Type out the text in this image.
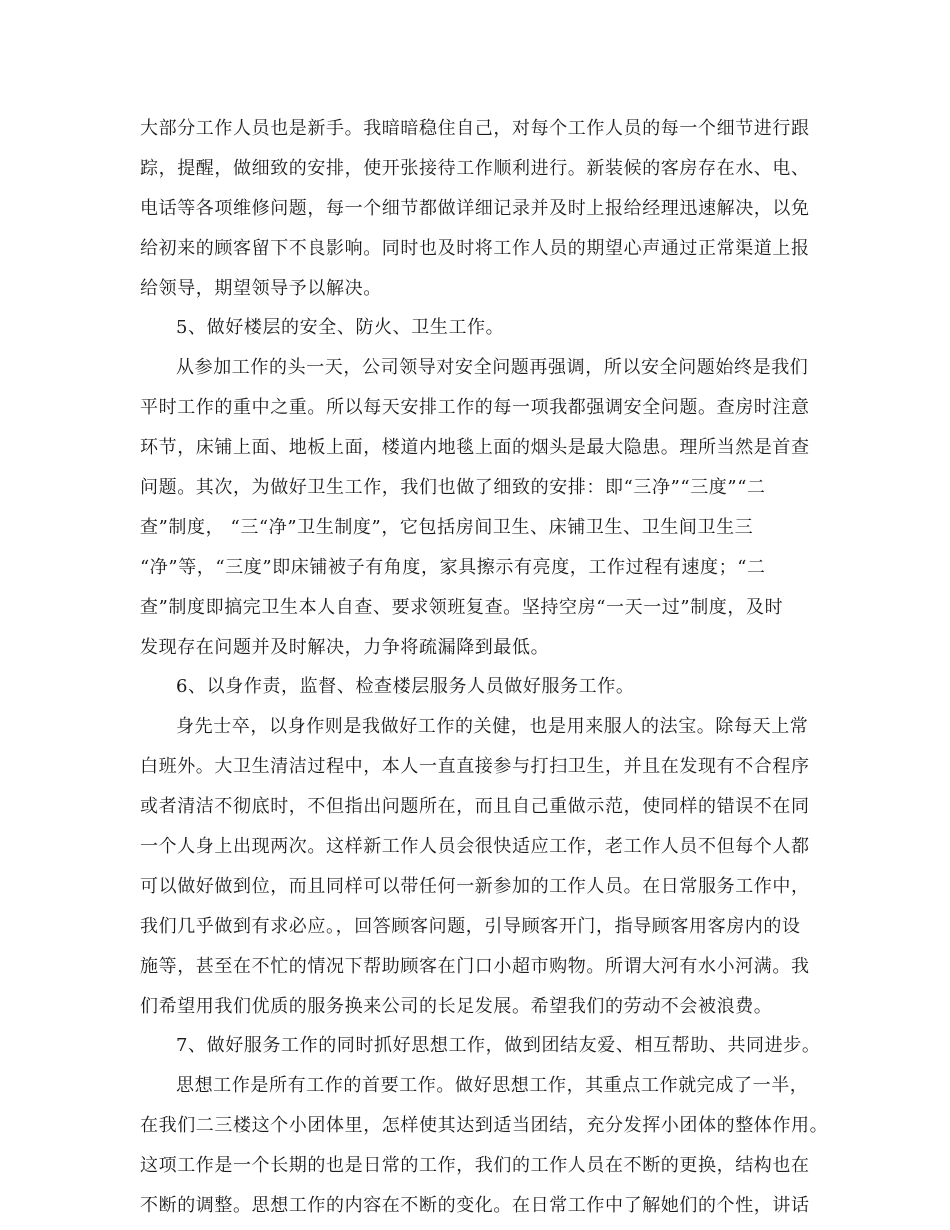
大部分工作人员也是新手。我暗暗稳住自己，对每个工作人员的每一个细节进行跟
踪，提醒，做细致的安排，使开张接待工作顺利进行。新装候的客房存在水、电、
电话等各项维修问题，每一个细节都做详细记录并及时上报给经理迅速解决，以免
给初来的顾客留下不良影响。同时也及时将工作人员的期望心声通过正常渠道上报
给领导，期望领导予以解决。
5、做好楼层的安全、防火、卫生工作。
从参加工作的头一天，公司领导对安全问题再强调，所以安全问题始终是我们
平时工作的重中之重。所以每天安排工作的每一项我都强调安全问题。查房时注意
环节，床铺上面、地板上面，楼道内地毯上面的烟头是最大隐患。理所当然是首查
问题。其次，为做好卫生工作，我们也做了细致的安排：即“三净”“三度”“二
查”制度， “三“净”卫生制度”，它包括房间卫生、床铺卫生、卫生间卫生三
“净”等，“三度”即床铺被子有角度，家具擦示有亮度，工作过程有速度；“二
查”制度即搞完卫生本人自查、要求领班复查。坚持空房“一天一过”制度，及时
发现存在问题并及时解决，力争将疏漏降到最低。
6、以身作责，监督、检查楼层服务人员做好服务工作。
身先士卒，以身作则是我做好工作的关健，也是用来服人的法宝。除每天上常
白班外。大卫生清洁过程中，本人一直直接参与打扫卫生，并且在发现有不合程序
或者清洁不彻底时，不但指出问题所在，而且自己重做示范，使同样的错误不在同
一个人身上出现两次。这样新工作人员会很快适应工作，老工作人员不但每个人都
可以做好做到位，而且同样可以带任何一新参加的工作人员。在日常服务工作中，
我们几乎做到有求必应。，回答顾客问题，引导顾客开门，指导顾客用客房内的设
施等，甚至在不忙的情况下帮助顾客在门口小超市购物。所谓大河有水小河满。我
们希望用我们优质的服务换来公司的长足发展。希望我们的劳动不会被浪费。
7、做好服务工作的同时抓好思想工作，做到团结友爱、相互帮助、共同进步。
思想工作是所有工作的首要工作。做好思想工作，其重点工作就完成了一半，
在我们二三楼这个小团体里，怎样使其达到适当团结，充分发挥小团体的整体作用。
这项工作是一个长期的也是日常的工作，我们的工作人员在不断的更换，结构也在
不断的调整。思想工作的内容在不断的变化。在日常工作中了解她们的个性，讲话
